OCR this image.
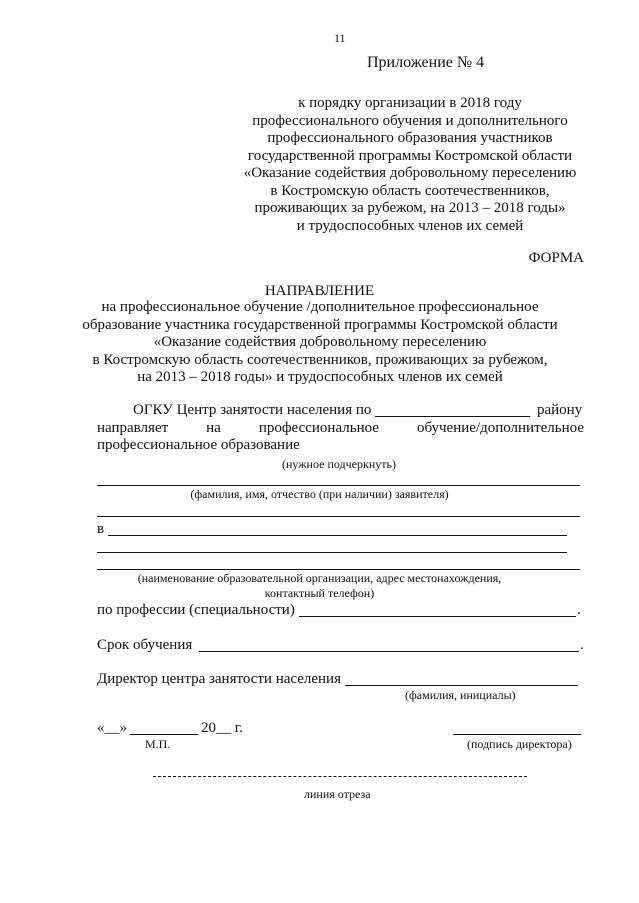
11
Приложение № 4
к порядку организации в 2018 году
профессионального обучения и дополнительного
профессионального образования участников
государственной программы Костромской области
«Оказание содействия добровольному переселению
в Костромскую область соотечественников,
проживающих за рубежом, на 2013 – 2018 годы»
и трудоспособных членов их семей
ФОРМА
НАПРАВЛЕНИЕ
на профессиональное обучение /дополнительное профессиональное
образование участника государственной программы Костромской области
«Оказание содействия добровольному переселению
в Костромскую область соотечественников, проживающих за рубежом,
на 2013 – 2018 годы» и трудоспособных членов их семей
ОГКУ Центр занятости населения по	району
направляет	на	профессиональное	обучение/дополнительное
профессиональное образование
(нужное подчеркнуть)
(фамилия, имя, отчество (при наличии) заявителя)
в
(наименование образовательной организации, адрес местонахождения,
контактный телефон)
по профессии (специальности)	.
Срок обучения	.
Директор центра занятости населения
(фамилия, инициалы)
«__»	20__ г.
М.П.	(подпись директора)
линия отреза
